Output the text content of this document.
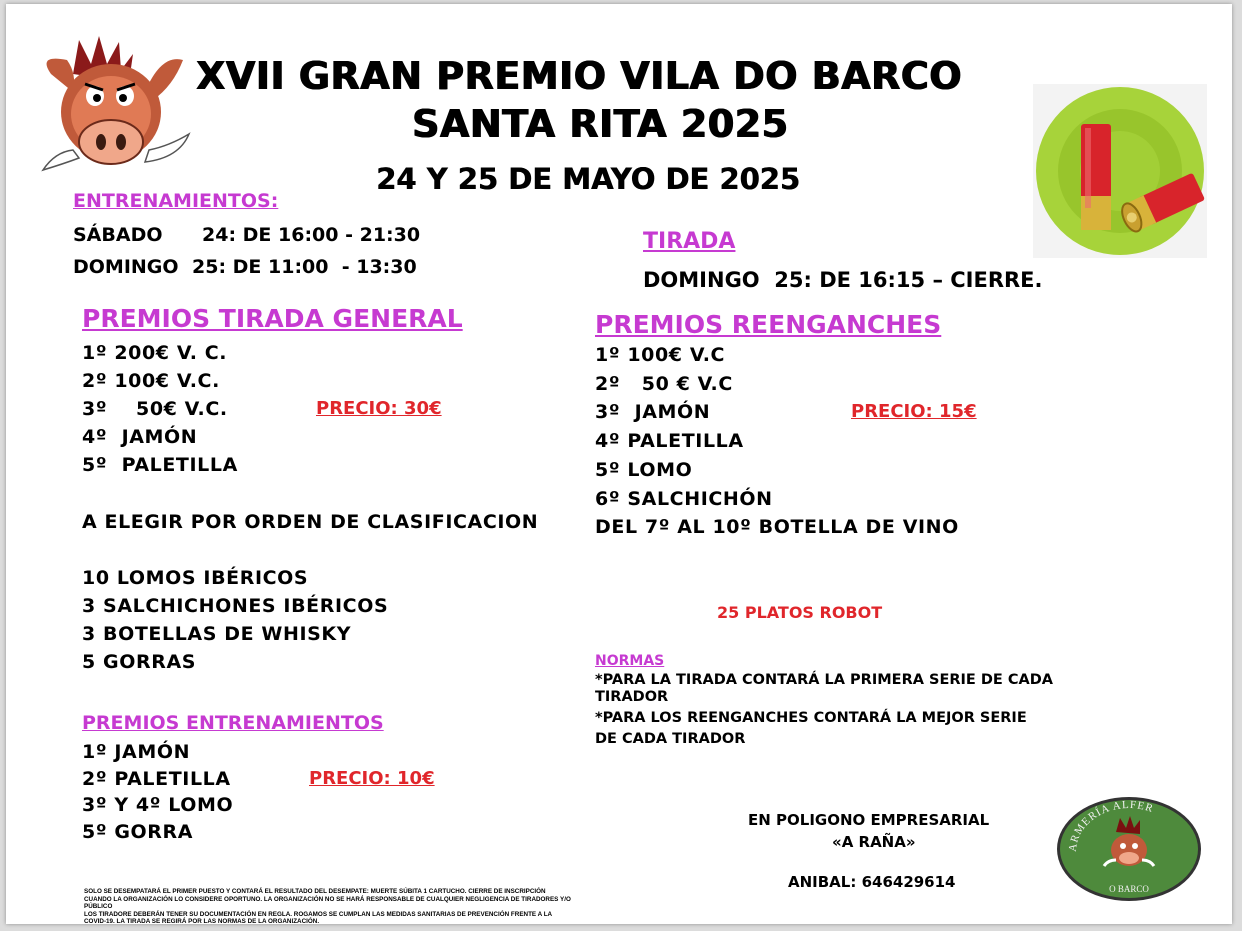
XVII GRAN PREMIO VILA DO BARCO
SANTA RITA 2025
24 Y 25 DE MAYO DE 2025
ENTRENAMIENTOS:
SÁBADO 24: DE 16:00 - 21:30
DOMINGO 25: DE 11:00  - 13:30
TIRADA
DOMINGO  25: DE 16:15 – CIERRE.
PREMIOS TIRADA GENERAL
1º 200€ V. C.
2º 100€ V.C.
3º    50€ V.C.
4º  JAMÓN
5º  PALETILLA
PRECIO: 30€
A ELEGIR POR ORDEN DE CLASIFICACION
10 LOMOS IBÉRICOS
3 SALCHICHONES IBÉRICOS
3 BOTELLAS DE WHISKY
5 GORRAS
PREMIOS ENTRENAMIENTOS
1º JAMÓN
2º PALETILLA
3º Y 4º LOMO
5º GORRA
PRECIO: 10€
PREMIOS REENGANCHES
1º 100€ V.C
2º   50 € V.C
3º  JAMÓN
4º PALETILLA
5º LOMO
6º SALCHICHÓN
DEL 7º AL 10º BOTELLA DE VINO
PRECIO: 15€
25 PLATOS ROBOT
NORMAS
*PARA LA TIRADA CONTARÁ LA PRIMERA SERIE DE CADA
TIRADOR
*PARA LOS REENGANCHES CONTARÁ LA MEJOR SERIE
DE CADA TIRADOR
EN POLIGONO EMPRESARIAL
«A RAÑA»
ANIBAL: 646429614
ARMERÍA ALFER
O BARCO
SOLO SE DESEMPATARÁ EL PRIMER PUESTO Y CONTARÁ EL RESULTADO DEL DESEMPATE: MUERTE SÚBITA 1 CARTUCHO. CIERRE DE INSCRIPCIÓN CUANDO LA ORGANIZACIÓN LO CONSIDERE OPORTUNO. LA ORGANIZACIÓN NO SE HARÁ RESPONSABLE DE CUALQUIER NEGLIGENCIA DE TIRADORES Y/O PÚBLICO
LOS TIRADORE DEBERÁN TENER SU DOCUMENTACIÓN EN REGLA. ROGAMOS SE CUMPLAN LAS MEDIDAS SANITARIAS DE PREVENCIÓN FRENTE A LA COVID-19. LA TIRADA SE REGIRÁ POR LAS NORMAS DE LA ORGANIZACIÓN.
